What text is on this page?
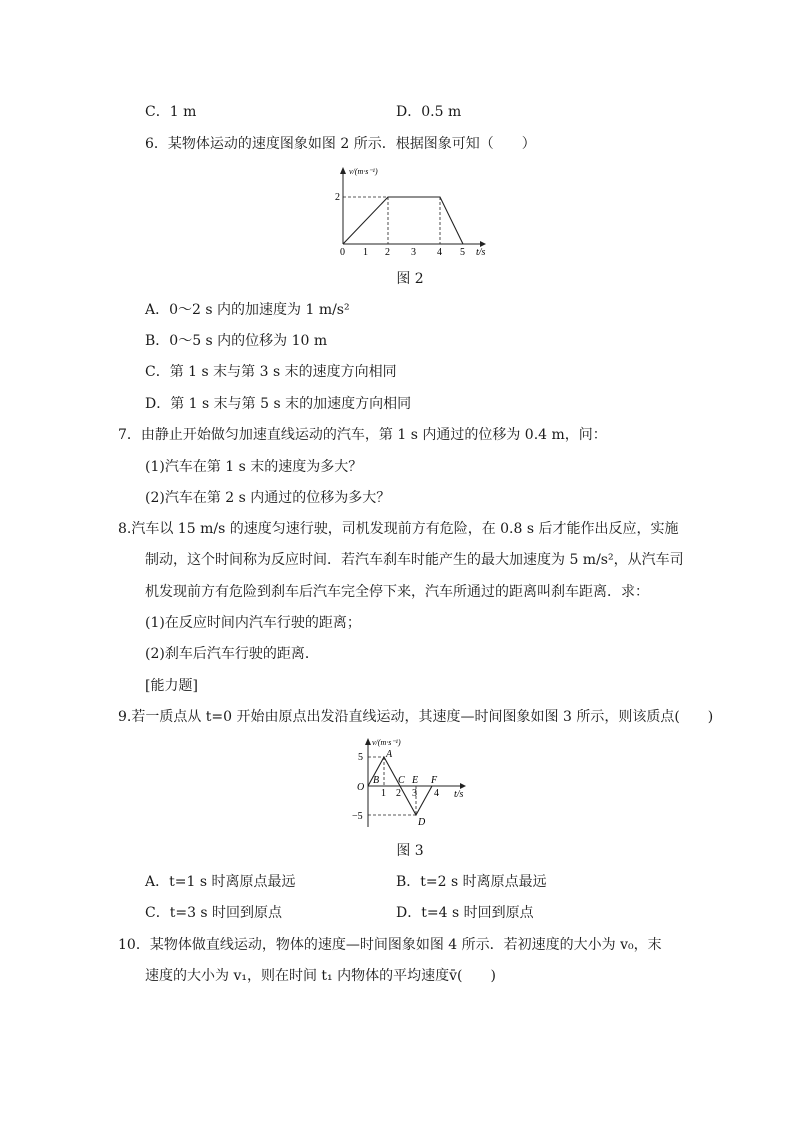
C．1 m	D．0.5 m
6．某物体运动的速度图象如图 2 所示．根据图象可知（　　）
v/(m·s⁻¹)
2
0 1 2 3 4 5 t/s
图 2
A．0～2 s 内的加速度为 1 m/s²
B．0～5 s 内的位移为 10 m
C．第 1 s 末与第 3 s 末的速度方向相同
D．第 1 s 末与第 5 s 末的加速度方向相同
7．由静止开始做匀加速直线运动的汽车，第 1 s 内通过的位移为 0.4 m，问：
(1)汽车在第 1 s 末的速度为多大？
(2)汽车在第 2 s 内通过的位移为多大？
8.汽车以 15 m/s 的速度匀速行驶，司机发现前方有危险，在 0.8 s 后才能作出反应，实施
制动，这个时间称为反应时间．若汽车刹车时能产生的最大加速度为 5 m/s²，从汽车司
机发现前方有危险到刹车后汽车完全停下来，汽车所通过的距离叫刹车距离．求：
(1)在反应时间内汽车行驶的距离；
(2)刹车后汽车行驶的距离．
[能力题]
9.若一质点从 t=0 开始由原点出发沿直线运动，其速度—时间图象如图 3 所示，则该质点(　　)
v/(m·s⁻¹)
5
−5
O
1 2 3 4 t/s
A
B C
D
E F
图 3
A．t=1 s 时离原点最远	B．t=2 s 时离原点最远
C．t=3 s 时回到原点	D．t=4 s 时回到原点
10．某物体做直线运动，物体的速度—时间图象如图 4 所示．若初速度的大小为 v₀，末
速度的大小为 v₁，则在时间 t₁ 内物体的平均速度v̄(　　)
